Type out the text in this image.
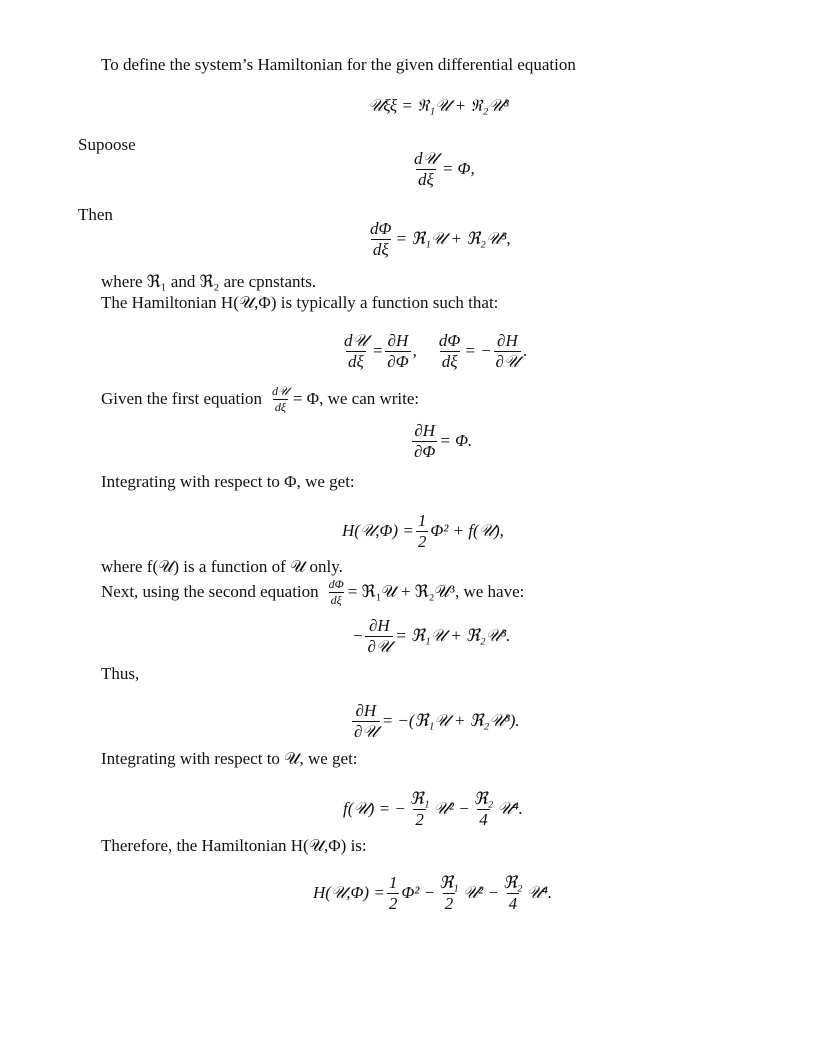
To define the system’s Hamiltonian for the given differential equation
𝒰ξξ = ℜ₁𝒰 + ℜ₂𝒰³
Supoose
$\frac{\text{d𝒰}}{d\xi} = \Phi$,
Then
$\frac{d\Phi}{d\xi}$ = ℜ₁𝒰 + ℜ₂𝒰³,
where ℜ₁ and ℜ₂ are cpnstants.
The Hamiltonian H(𝒰,Φ) is typically a function such that:
$\frac{\text{d𝒰}}{d\xi} = \frac{\partial H}{\partial\Phi}$ , $\frac{d\Phi}{d\xi}$ = − $\frac{\partial H}{\text{∂𝒰}}$ .
Given the first equation $\frac{\text{d𝒰}}{d\xi} = \Phi$, we can write:
$\frac{\partial H}{\partial\Phi} = \Phi$.
Integrating with respect to Φ, we get:
H(𝒰,Φ) = $\frac{1}{2} \Phi^2$ + f(𝒰),
where f(𝒰) is a function of 𝒰 only.
Next, using the second equation $\frac{d\Phi}{d\xi}$ = ℜ₁𝒰 + ℜ₂𝒰³, we have:
− $\frac{\partial H}{\text{∂𝒰}}$ = ℜ₁𝒰 + ℜ₂𝒰³.
Thus,
$\frac{\partial H}{\text{∂𝒰}}$ = −(ℜ₁𝒰 + ℜ₂𝒰³).
Integrating with respect to 𝒰, we get:
f(𝒰) = − $\frac{\text{ℜ₁}}{2}$ 𝒰² − $\frac{\text{ℜ₂}}{4}$ 𝒰⁴.
Therefore, the Hamiltonian H(𝒰,Φ) is:
H(𝒰,Φ) = $\frac{1}{2} \Phi^2 - \frac{\text{ℜ₁}}{2}$ 𝒰² − $\frac{\text{ℜ₂}}{4}$ 𝒰⁴.
